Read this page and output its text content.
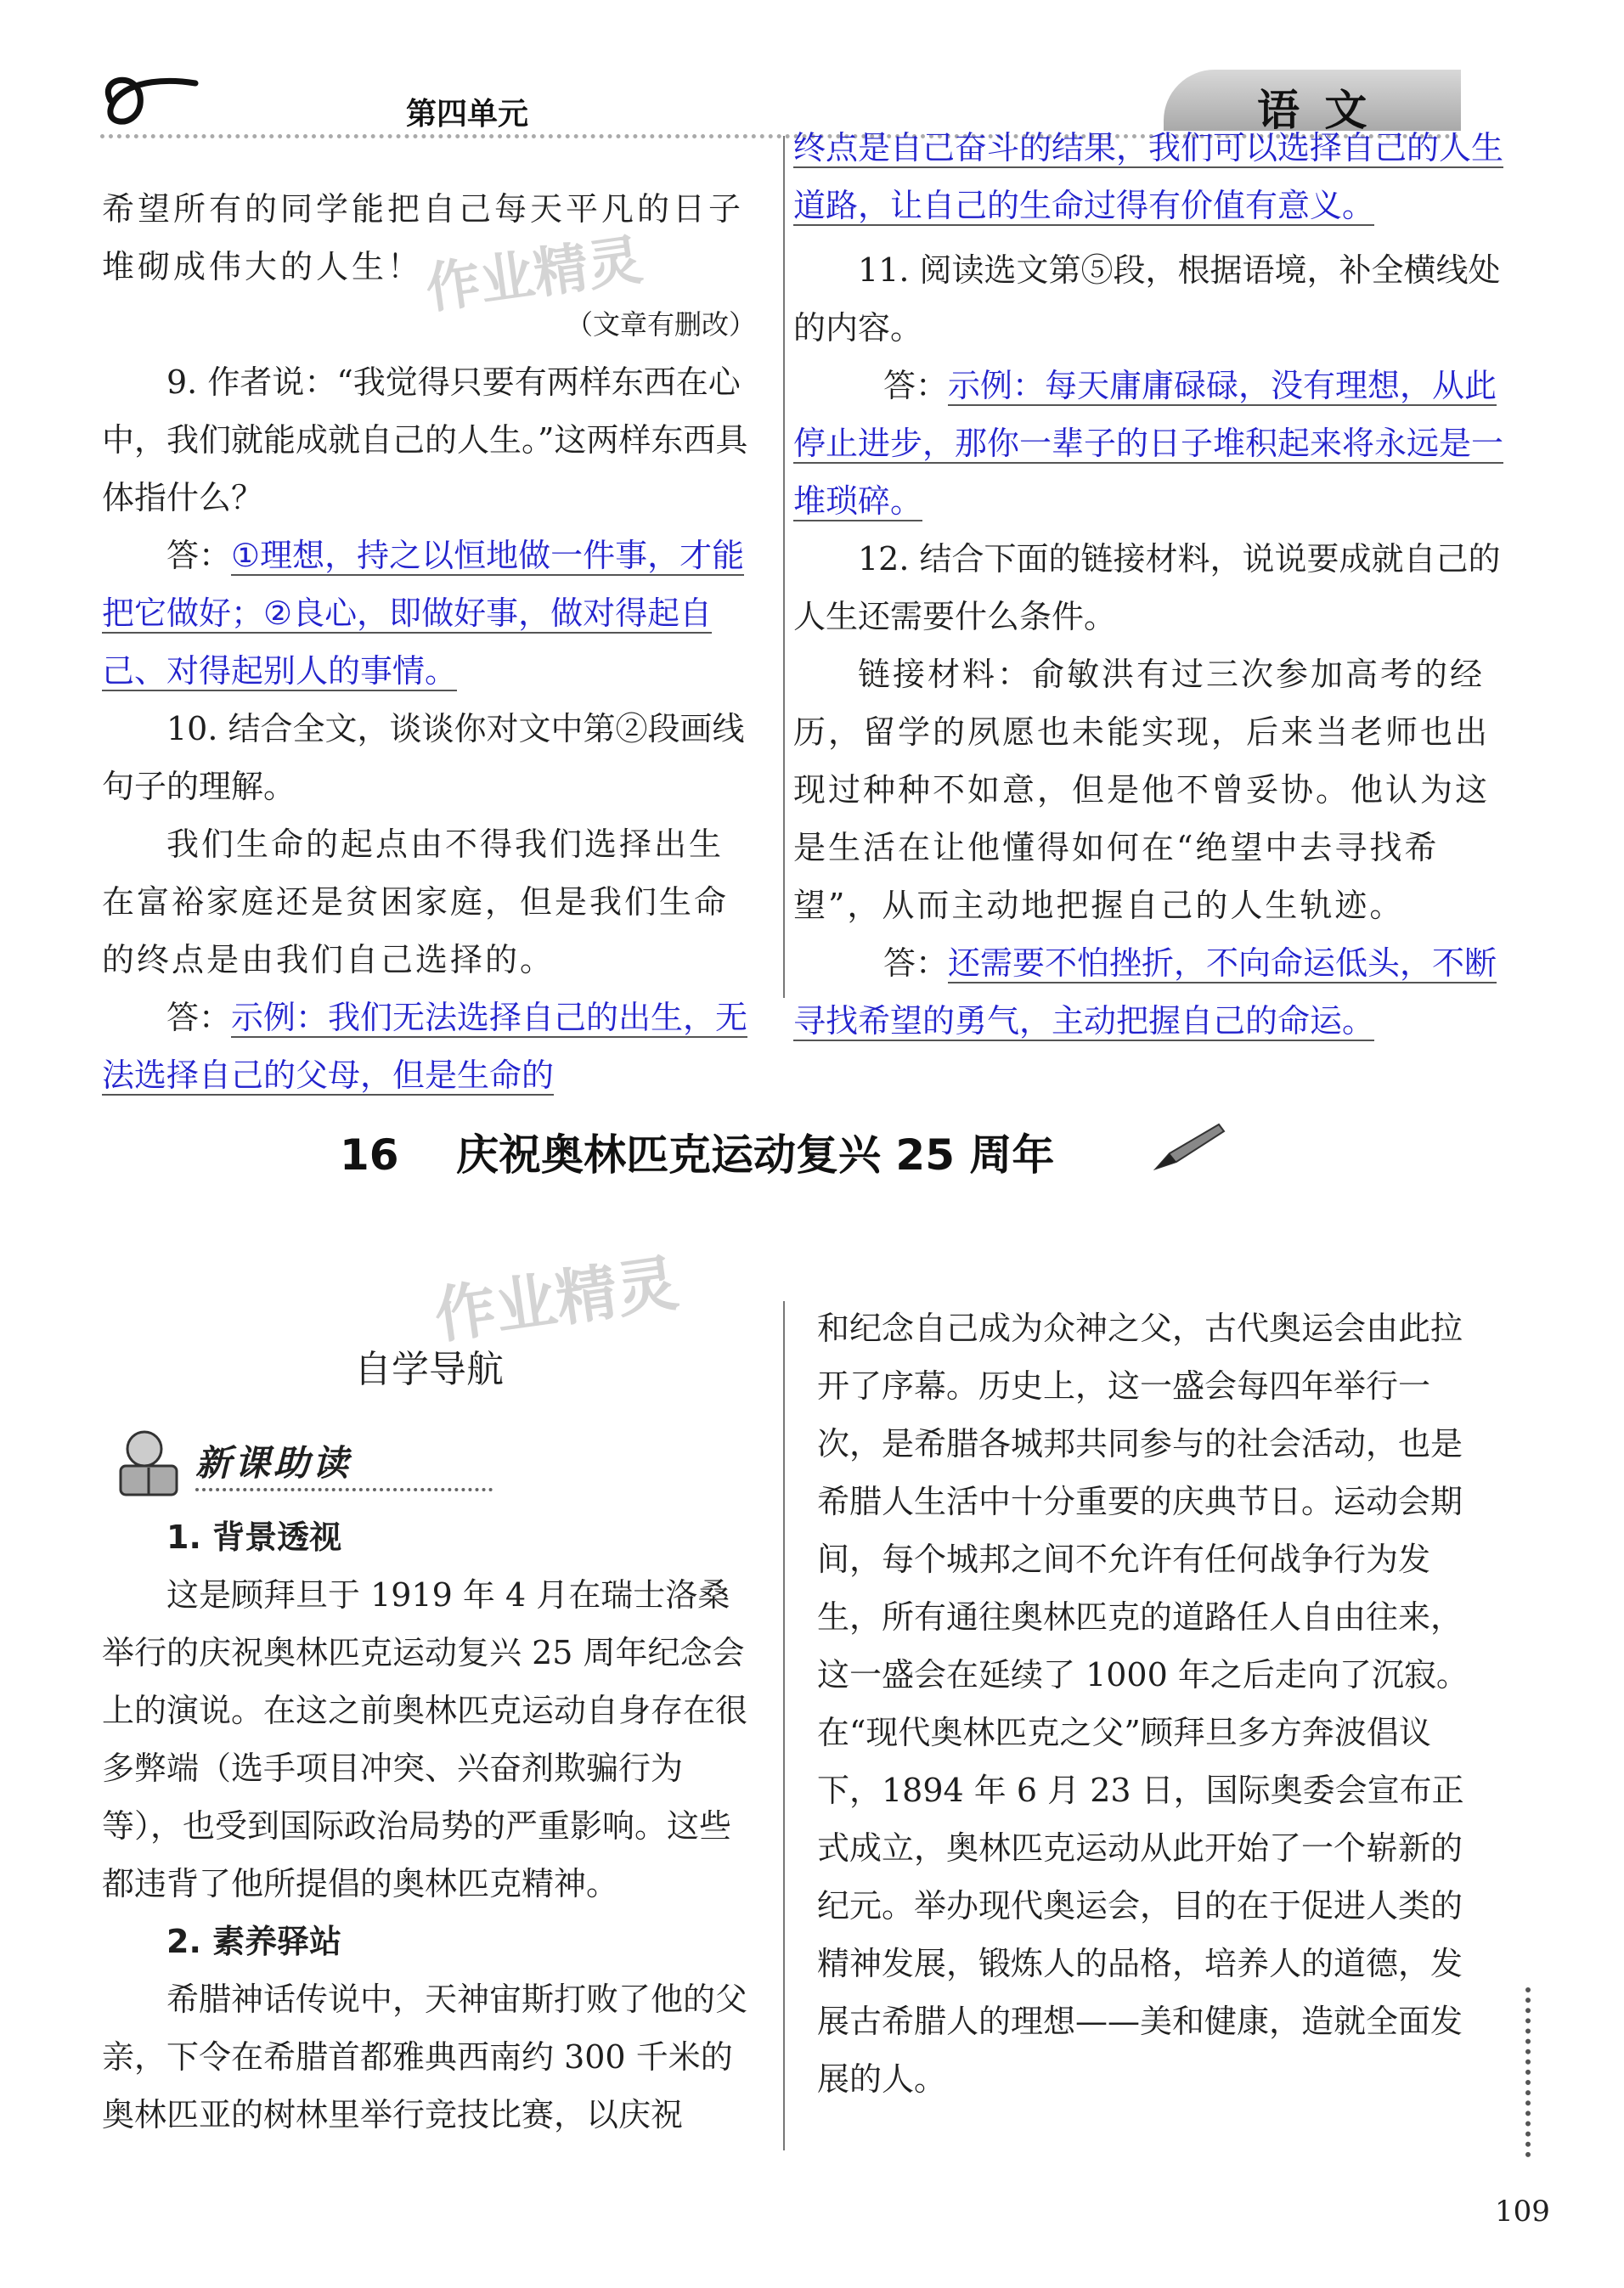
第四单元	语 文

希望所有的同学能把自己每天平凡的日子堆砌成伟大的人生！

（文章有删改）

9. 作者说：“我觉得只要有两样东西在心中，我们就能成就自己的人生。”这两样东西具体指什么？

答：①理想，持之以恒地做一件事，才能把它做好；②良心，即做好事，做对得起自己、对得起别人的事情。

10. 结合全文，谈谈你对文中第②段画线句子的理解。

我们生命的起点由不得我们选择出生在富裕家庭还是贫困家庭，但是我们生命的终点是由我们自己选择的。

答：示例：我们无法选择自己的出生，无法选择自己的父母，但是生命的

终点是自己奋斗的结果，我们可以选择自己的人生道路，让自己的生命过得有价值有意义。

11. 阅读选文第⑤段，根据语境，补全横线处的内容。

答：示例：每天庸庸碌碌，没有理想，从此停止进步，那你一辈子的日子堆积起来将永远是一堆琐碎。

12. 结合下面的链接材料，说说要成就自己的人生还需要什么条件。

链接材料：俞敏洪有过三次参加高考的经历，留学的夙愿也未能实现，后来当老师也出现过种种不如意，但是他不曾妥协。他认为这是生活在让他懂得如何在“绝望中去寻找希望”，从而主动地把握自己的人生轨迹。

答：还需要不怕挫折，不向命运低头，不断寻找希望的勇气，主动把握自己的命运。

16 庆祝奥林匹克运动复兴 25 周年
作业精灵
作业精灵
自学导航
新课助读

1. 背景透视

这是顾拜旦于 1919 年 4 月在瑞士洛桑举行的庆祝奥林匹克运动复兴 25 周年纪念会上的演说。在这之前奥林匹克运动自身存在很多弊端（选手项目冲突、兴奋剂欺骗行为等），也受到国际政治局势的严重影响。这些都违背了他所提倡的奥林匹克精神。

2. 素养驿站

希腊神话传说中，天神宙斯打败了他的父亲，下令在希腊首都雅典西南约 300 千米的奥林匹亚的树林里举行竞技比赛，以庆祝

和纪念自己成为众神之父，古代奥运会由此拉开了序幕。历史上，这一盛会每四年举行一次，是希腊各城邦共同参与的社会活动，也是希腊人生活中十分重要的庆典节日。运动会期间，每个城邦之间不允许有任何战争行为发生，所有通往奥林匹克的道路任人自由往来，这一盛会在延续了 1000 年之后走向了沉寂。在“现代奥林匹克之父”顾拜旦多方奔波倡议下，1894 年 6 月 23 日，国际奥委会宣布正式成立，奥林匹克运动从此开始了一个崭新的纪元。举办现代奥运会，目的在于促进人类的精神发展，锻炼人的品格，培养人的道德，发展古希腊人的理想——美和健康，造就全面发展的人。

109
